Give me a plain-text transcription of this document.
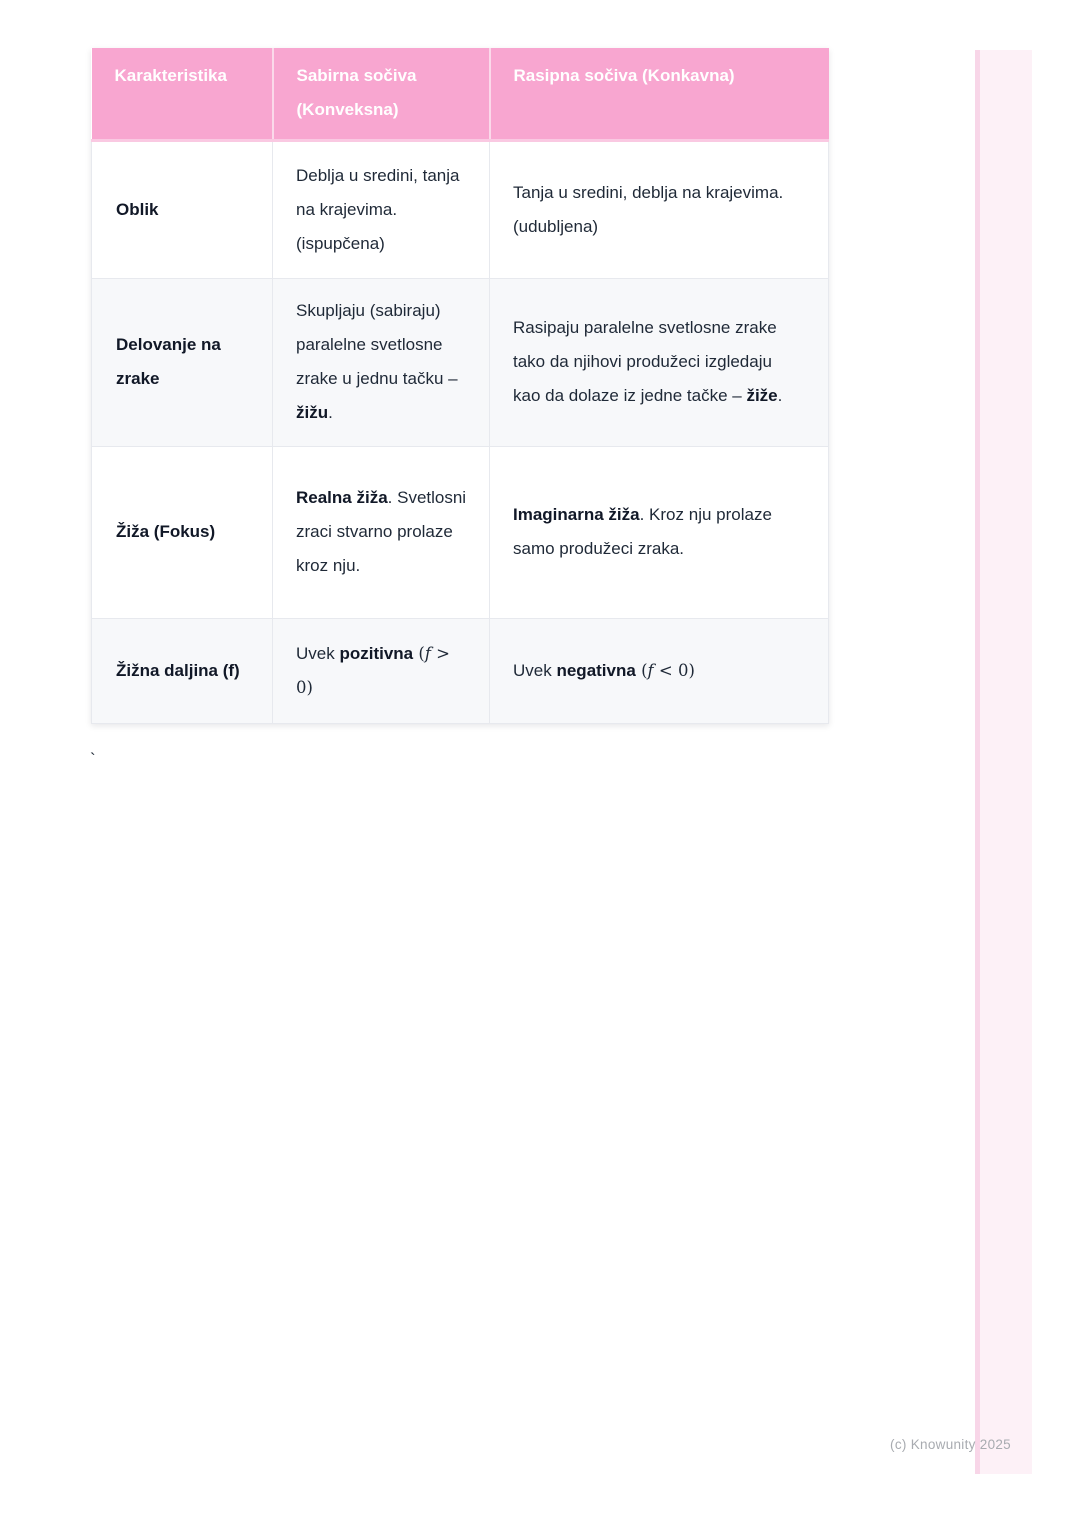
Karakteristika	Sabirna sočiva (Konveksna)	Rasipna sočiva (Konkavna)
Oblik	Deblja u sredini, tanja na krajevima. (ispupčena)	Tanja u sredini, deblja na krajevima. (udubljena)
Delovanje na zrake	Skupljaju (sabiraju) paralelne svetlosne zrake u jednu tačku – žižu.	Rasipaju paralelne svetlosne zrake tako da njihovi produžeci izgledaju kao da dolaze iz jedne tačke – žiže.
Žiža (Fokus)	Realna žiža. Svetlosni zraci stvarno prolaze kroz nju.	Imaginarna žiža. Kroz nju prolaze samo produžeci zraka.
Žižna daljina (f)	Uvek pozitivna (f > 0)	Uvek negativna (f < 0)
`
(c) Knowunity 2025
